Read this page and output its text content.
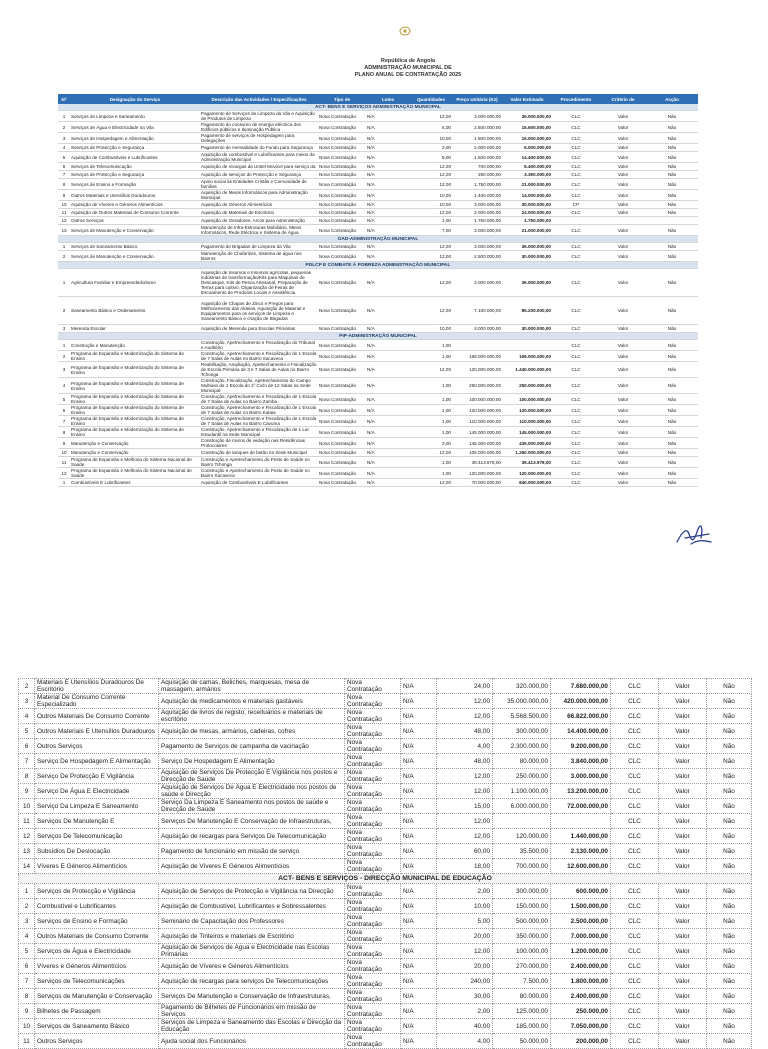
República de Angola
ADMINISTRAÇÃO MUNICIPAL DE
PLANO ANUAL DE CONTRATAÇÃO 2025
Nº	Designação do Serviço	Descrição das Actividades / Especificações	Tipo de	Lotes	Quantidades	Preço Unitário (Kz)	Valor Estimado	Procedimento	Critério de	Acção
ACT- BENS E SERVIÇOS ADMINISTRAÇÃO MUNICIPAL										
1	Serviços de Limpeza e Saneamento	Pagamento de Serviços de Limpeza da Vila e Aquisição de Produtos de Limpeza	Nova Contratação	N/A	12,00	3.000.000,00	36.000.000,00	CLC	Valor	Não
2	Serviços de Água e Electricidade na Vila	Pagamento do consumo de energia eléctrica dos Edifícios públicos e Iluminação Pública	Nova Contratação	N/A	6,00	2.600.000,00	15.600.000,00	CLC	Valor	Não
3	Serviços de Hospedagem e Alimentação	Pagamento de serviços de Hospedagem para Delegações	Nova Contratação	N/A	10,00	1.500.000,00	15.000.000,00	CLC	Valor	Não
4	Serviços de Protecção e Segurança	Pagamento de mensalidade do Fundo para Segurança	Nova Contratação	N/A	3,00	2.000.000,00	6.000.000,00	CLC	Valor	Não
5	Aquisição de Combustíveis e Lubrificantes	Aquisição de combustível e Lubrificantes para meios da Administração Municipal	Nova Contratação	N/A	9,00	1.600.000,00	14.400.000,00	CLC	Valor	Não
6	Serviços de Telecomunicação	Aquisição de recargas da Unitel Movicel para serviço da	Nova Contratação	N/A	12,00	700.000,00	8.400.000,00	CLC	Valor	Não
7	Serviços de Protecção e Segurança	Aquisição de serviços de Protecção e Segurança	Nova Contratação	N/A	12,00	280.000,00	3.360.000,00	CLC	Valor	Não
8	Serviços de Ensino e Formação	Apoio social às Entidades Cristãs e Comunidade de famílias	Nova Contratação	N/A	12,00	1.750.000,00	21.000.000,00	CLC	Valor	Não
9	Outros Materiais e Utensílios Duradouros	Aquisição de Meios Informáticos para Administração Municipal	Nova Contratação	N/A	10,00	1.400.000,00	14.000.000,00	CLC	Valor	Não
10	Aquisição de Víveres e Géneros Alimentícios	Aquisição de Géneros Alimentícios	Nova Contratação	N/A	10,00	3.000.000,00	30.000.000,00	CP	Valor	Não
11	Aquisição de Outros Materiais de Consumo Corrente	Aquisição de Materiais de Escritório	Nova Contratação	N/A	12,00	2.000.000,00	24.000.000,00	CLC	Valor	Não
12	Outros Serviços	Aquisição de Geradores, Arcos para Administração	Nova Contratação	N/A	1,00	1.750.000,00	1.750.000,00			
13	Serviços de Manutenção e Conservação	Manutenção de Infra-Estruturas Mobiliário, Meios Informáticos, Rede Eléctrica e Sistema de Água	Nova Contratação	N/A	7,00	3.000.000,00	21.000.000,00	CLC	Valor	Não
OAD-ADMINISTRAÇÃO MUNICIPAL										
1	Serviços de Saneamento Básico	Pagamento de Brigadas de Limpeza da Vila	Nova Contratação	N/A	12,00	3.000.000,00	36.000.000,00	CLC	Valor	Não
2	Serviços de Manutenção e Conservação	Manutenção de Chafarizes, Sistema de água nos Bairros	Nova Contratação	N/A	12,00	2.500.000,00	30.000.000,00	CLC	Valor	Não
PDLCP E COMBATE À POBREZA ADMINISTRAÇÃO MUNICIPAL										
1	Agricultura Familiar e Empreendedorismo	Aquisição de Insumos e Insumos agrícolas, pequenas indústrias de transformação/Kits para Máquinas de Descasque, Kits de Pesca Artesanal, Preparação de Terras para cultivo, Organização de Feiras de Escoamento de Produtos Locais e Assistência	Nova Contratação	N/A	12,00	3.000.000,00	36.000.000,00	CLC	Valor	Não
2	Saneamento Básico e Ordenamento	Aquisição de Chapas de Zinco e Pregos para Melhoramento das Aldeias, Aquisição de Material e Equipamentos para os serviços de Limpeza e Saneamento Básico e criação de Brigadas	Nova Contratação	N/A	12,00	7.100.000,00	85.200.000,00	CLC	Valor	Não
3	Merenda Escolar	Aquisição de Merenda para Escolas Primárias	Nova Contratação	N/A	10,00	3.000.000,00	30.000.000,00	CLC	Valor	Não
PIP-ADMINISTRAÇÃO MUNICIPAL										
1	Construção e Manutenção	Construção, Apetrechamento e Fiscalização do Tribunal e Auditório	Nova Contratação	N/A	1,00			CLC	Valor	Não
2	Programa de Expansão e Modernização do Sistema de Ensino	Construção, Apetrechamento e Fiscalização de 1 Escola de 7 Salas de Aulas no Bairro Sacaveca	Nova Contratação	N/A	1,00	169.000.000,00	169.000.000,00	CLC	Valor	Não
3	Programa de Expansão e Modernização do Sistema de Ensino	Reabilitação, Ampliação, Apetrechamento e Fiscalização de Escola Primária de 3 e 7 Salas de Aulas no Bairro Tchonga	Nova Contratação	N/A	12,00	120.000.000,00	1.440.000.000,00	CLC	Valor	Não
4	Programa de Expansão e Modernização do Sistema de Ensino	Construção, Fiscalização, Apetrechamento do Campo Multiuso de 1 Escola do 1º Ciclo de 12 Salas na Sede Municipal	Nova Contratação	N/A	1,00	250.000.000,00	250.000.000,00	CLC	Valor	Não
5	Programa de Expansão e Modernização do Sistema de Ensino	Construção, Apetrechamento e Fiscalização de 1 Escola de 7 Salas de Aulas no Bairro Zamba	Nova Contratação	N/A	1,00	100.000.000,00	100.000.000,00	CLC	Valor	Não
6	Programa de Expansão e Modernização do Sistema de Ensino	Construção, Apetrechamento e Fiscalização de 1 Escola de 7 Salas de Aulas no Bairro Kalaia	Nova Contratação	N/A	1,00	120.000.000,00	120.000.000,00	CLC	Valor	Não
7	Programa de Expansão e Modernização do Sistema de Ensino	Construção, Apetrechamento e Fiscalização de 1 Escola de 7 Salas de Aulas no Bairro Cavuma	Nova Contratação	N/A	1,00	110.000.000,00	110.000.000,00	CLC	Valor	Não
8	Programa de Expansão e Modernização do Sistema de Ensino	Construção, Apetrechamento e Fiscalização de 1 Lar Estudantil na Sede Municipal	Nova Contratação	N/A	1,00	145.000.000,00	145.000.000,00	CLC	Valor	Não
9	Manutenção e Conservação	Construção de muros de vedação nas Residências Protocolares	Nova Contratação	N/A	3,00	145.000.000,00	435.000.000,00	CLC	Valor	Não
10	Manutenção e Conservação	Construção de tanques de betão na Sede Municipal	Nova Contratação	N/A	12,00	105.000.000,00	1.260.000.000,00	CLC	Valor	Não
11	Programa de Expansão e Melhoria do Sistema Nacional de Saúde	Construção e Apetrechamento do Posto de Saúde no Bairro Tchonga	Nova Contratação	N/A	1,00	39.413.978,00	39.413.978,00	CLC	Valor	Não
12	Programa de Expansão e Melhoria do Sistema Nacional de Saúde	Construção e Apetrechamento do Posto de Saúde no Bairro Sacaveca	Nova Contratação	N/A	1,00	120.000.000,00	120.000.000,00	CLC	Valor	Não
1	Combustíveis E Lubrificantes	Aquisição de Combustíveis E Lubrificantes	Nova Contratação	N/A	12,00	70.000.000,00	840.000.000,00	CLC	Valor	Não
2	Materiais E Utensílios Duradouros De Escritório	Aquisição de camas, Beliches, marquesas, mesa de massagem, armários	Nova Contratação	N/A	24,00	320.000,00	7.680.000,00	CLC	Valor	Não
3	Material De Consumo Corrente Especializado	Aquisição de medicamentos e materiais gastáveis	Nova Contratação	N/A	12,00	35.000.000,00	420.000.000,00	CLC	Valor	Não
4	Outros Materiais De Consumo Corrente	Aquisição de livros de registo, receituários e materiais de escritório	Nova Contratação	N/A	12,00	5.568.500,00	66.822.000,00	CLC	Valor	Não
5	Outros Materiais E Utensílios Duradouros	Aquisição de mesas, armários, cadeiras, cofres	Nova Contratação	N/A	48,00	300.000,00	14.400.000,00	CLC	Valor	Não
6	Outros Serviços	Pagamento de Serviços de campanha de vacinação	Nova Contratação	N/A	4,00	2.300.000,00	9.200.000,00	CLC	Valor	Não
7	Serviço De Hospedagem E Alimentação	Serviço De Hospedagem E Alimentação	Nova Contratação	N/A	48,00	80.000,00	3.840.000,00	CLC	Valor	Não
8	Serviço De Protecção E Vigilância	Aquisição de Serviços De Protecção E Vigilância nos postos e Direcção de Saúde	Nova Contratação	N/A	12,00	250.000,00	3.000.000,00	CLC	Valor	Não
9	Serviço De Água E Electricidade	Aquisição de Serviços De Água E Electricidade nos postos de saúde e Direcção	Nova Contratação	N/A	12,00	1.100.000,00	13.200.000,00	CLC	Valor	Não
10	Serviço Da Limpeza E Saneamento	Serviço Da Limpeza E Saneamento nos postos de saúde e Direcção de Saúde	Nova Contratação	N/A	15,00	6.000.000,00	72.000.000,00	CLC	Valor	Não
11	Serviços De Manutenção E	Serviços De Manutenção E Conservação de Infraestruturas,	Nova Contratação	N/A	12,00			CLC	Valor	Não
12	Serviços De Telecomunicação	Aquisição de recargas para Serviços De Telecomunicação	Nova Contratação	N/A	12,00	120.000,00	1.440.000,00	CLC	Valor	Não
13	Subsídios De Deslocação	Pagamento de funcionário em missão de serviço	Nova Contratação	N/A	60,00	35.500,00	2.130.000,00	CLC	Valor	Não
14	Víveres E Géneros Alimentícios	Aquisição de Víveres E Géneros Alimentícios	Nova Contratação	N/A	18,00	700.000,00	12.600.000,00	CLC	Valor	Não
ACT- BENS E SERVIÇOS - DIRECÇÃO MUNICIPAL DE EDUCAÇÃO										
1	Serviços de Protecção e Vigilância	Aquisição de Serviços de Protecção e Vigilância na Direcção	Nova Contratação	N/A	2,00	300.000,00	600.000,00	CLC	Valor	Não
2	Combustível e Lubrificantes	Aquisição de Combustível, Lubrificantes e Sobressalentes	Nova Contratação	N/A	10,00	150.000,00	1.500.000,00	CLC	Valor	Não
3	Serviços de Ensino e Formação	Seminário de Capacitação dos Professores	Nova Contratação	N/A	5,00	500.000,00	2.500.000,00	CLC	Valor	Não
4	Outros Materiais de Consumo Corrente	Aquisição de Tinteiros e materiais de Escritório	Nova Contratação	N/A	20,00	350.000,00	7.000.000,00	CLC	Valor	Não
5	Serviços de Água e Electricidade	Aquisição de Serviços de Água e Electricidade nas Escolas Primárias	Nova Contratação	N/A	12,00	100.000,00	1.200.000,00	CLC	Valor	Não
6	Víveres e Géneros Alimentícios	Aquisição de Víveres e Géneros Alimentícios	Nova Contratação	N/A	20,00	270.000,00	2.400.000,00	CLC	Valor	Não
7	Serviços de Telecomunicações	Aquisição de recargas para serviços De Telecomunicações	Nova Contratação	N/A	240,00	7.500,00	1.800.000,00	CLC	Valor	Não
8	Serviços de Manutenção e Conservação	Serviços De Manutenção e Conservação de Infraestruturas,	Nova Contratação	N/A	30,00	80.000,00	2.400.000,00	CLC	Valor	Não
9	Bilhetes de Passagem	Pagamento de Bilhetes de Funcionários em missão de Serviços	Nova Contratação	N/A	2,00	125.000,00	250.000,00	CLC	Valor	Não
10	Serviços de Saneamento Básico	Serviços de Limpeza e Saneamento das Escolas e Direcção da Educação	Nova Contratação	N/A	40,00	185.000,00	7.050.000,00	CLC	Valor	Não
11	Outros Serviços	Ajuda social dos Funcionários	Nova Contratação	N/A	4,00	50.000,00	200.000,00	CLC	Valor	Não
